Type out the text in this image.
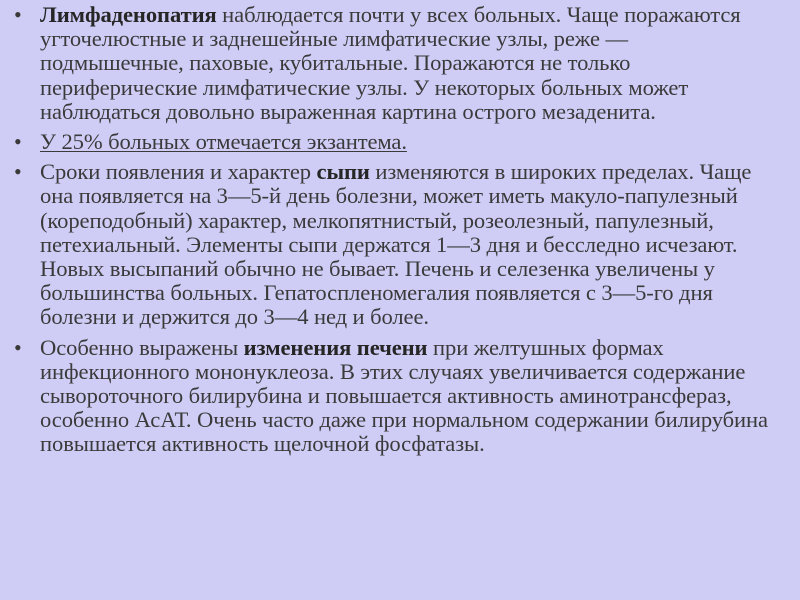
• Лимфаденопатия наблюдается почти у всех больных. Чаще поражаются угточелюстные и заднешейные лимфатические узлы, реже — подмышечные, паховые, кубитальные. Поражаются не только периферические лимфатические узлы. У некоторых больных может наблюдаться довольно выраженная картина острого мезаденита.
• У 25% больных отмечается экзантема.
• Сроки появления и характер сыпи изменяются в широких пределах. Чаще она появляется на 3—5-й день болезни, может иметь макуло-папулезный (кореподобный) характер, мелкопятнистый, розеолезный, папулезный, петехиальный. Элементы сыпи держатся 1—3 дня и бесследно исчезают. Новых высыпаний обычно не бывает. Печень и селезенка увеличены у большинства больных. Гепатоспленомегалия появляется с 3—5-го дня болезни и держится до 3—4 нед и более.
• Особенно выражены изменения печени при желтушных формах инфекционного мононуклеоза. В этих случаях увеличивается содержание сывороточного билирубина и повышается активность аминотрансфераз, особенно АсАТ. Очень часто даже при нормальном содержании билирубина повышается активность щелочной фосфатазы.
